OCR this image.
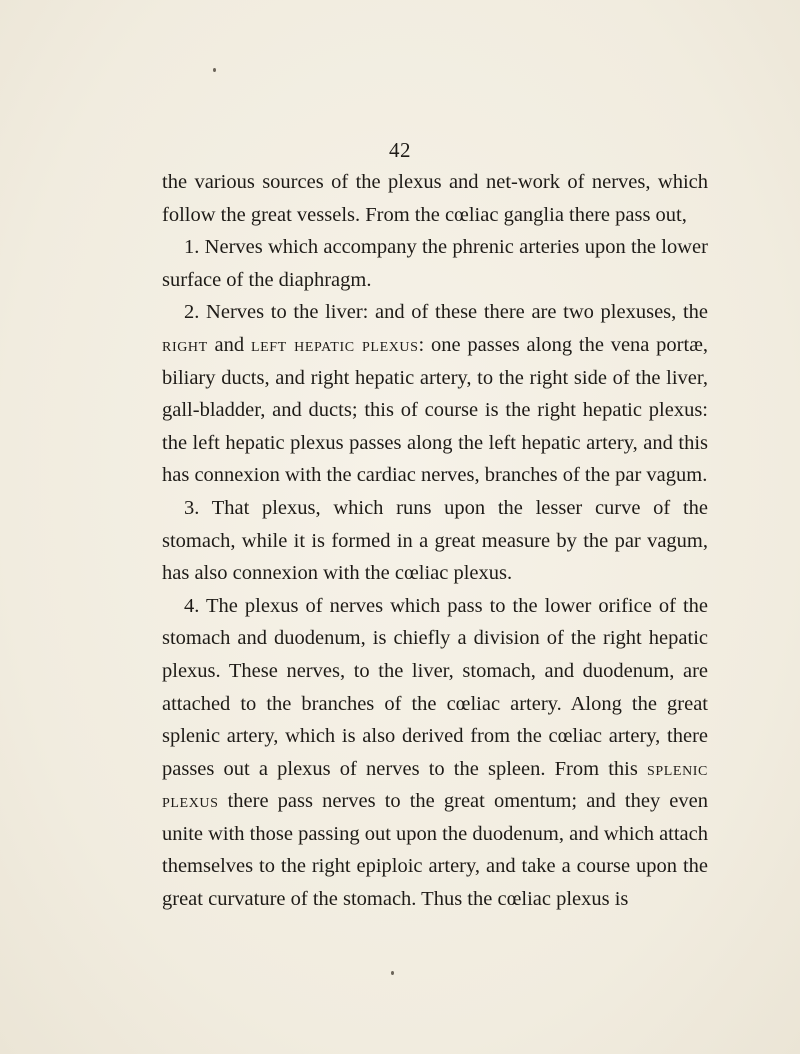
42

the various sources of the plexus and net-work of nerves, which follow the great vessels. From the cœliac ganglia there pass out,

1. Nerves which accompany the phrenic arteries upon the lower surface of the diaphragm.

2. Nerves to the liver: and of these there are two plexuses, the right and left hepatic plexus: one passes along the vena portæ, biliary ducts, and right hepatic artery, to the right side of the liver, gall-bladder, and ducts; this of course is the right hepatic plexus: the left hepatic plexus passes along the left hepatic artery, and this has connexion with the cardiac nerves, branches of the par vagum.

3. That plexus, which runs upon the lesser curve of the stomach, while it is formed in a great measure by the par vagum, has also connexion with the cœliac plexus.

4. The plexus of nerves which pass to the lower orifice of the stomach and duodenum, is chiefly a division of the right hepatic plexus. These nerves, to the liver, stomach, and duodenum, are attached to the branches of the cœliac artery. Along the great splenic artery, which is also derived from the cœliac artery, there passes out a plexus of nerves to the spleen. From this splenic plexus there pass nerves to the great omentum; and they even unite with those passing out upon the duodenum, and which attach themselves to the right epiploic artery, and take a course upon the great curvature of the stomach. Thus the cœliac plexus is
